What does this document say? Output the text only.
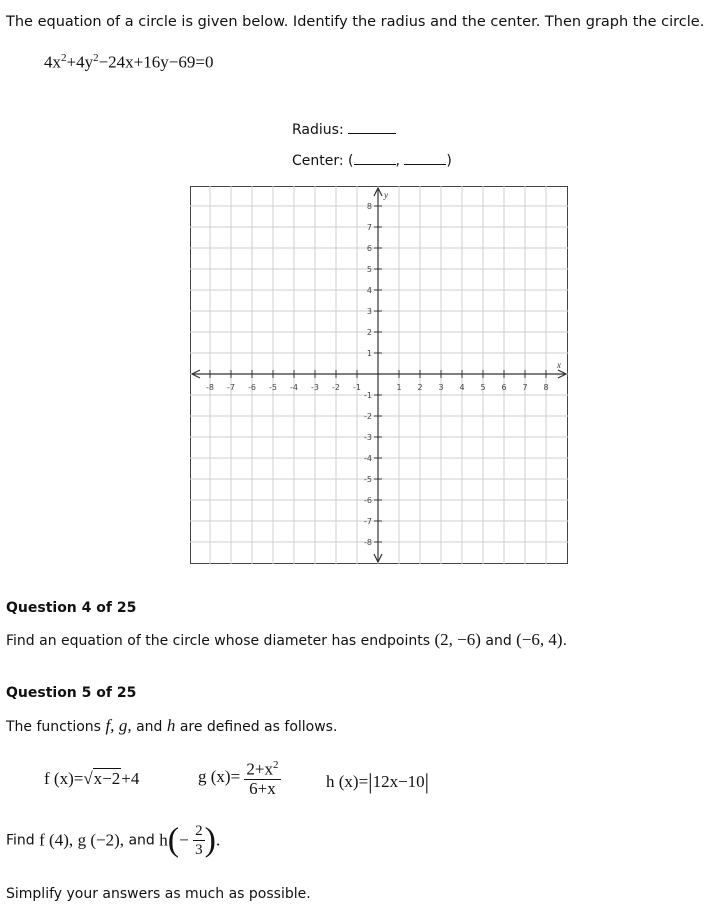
The equation of a circle is given below. Identify the radius and the center. Then graph the circle.
$4x^2+4y^2-24x+16y-69=0$
Radius:
Center: (	,	)
-8 -7 -6 -5 -4 -3 -2 -1	1 2 3 4 5 6 7 8
8
7
6
5
4
3
2
1
-1
-2
-3
-4
-5
-6
-7
-8
x
y
Question 4 of 25
Find an equation of the circle whose diameter has endpoints (2, −6) and (−6, 4).
Question 5 of 25
The functions f, g, and h are defined as follows.
f (x)=√x−2+4	g $(x)= \frac{2+x^2}{6+x}$	h (x)=|12x−10|
Find f (4), g (−2), and $h(- \frac{2}{3}$ ).
Simplify your answers as much as possible.
